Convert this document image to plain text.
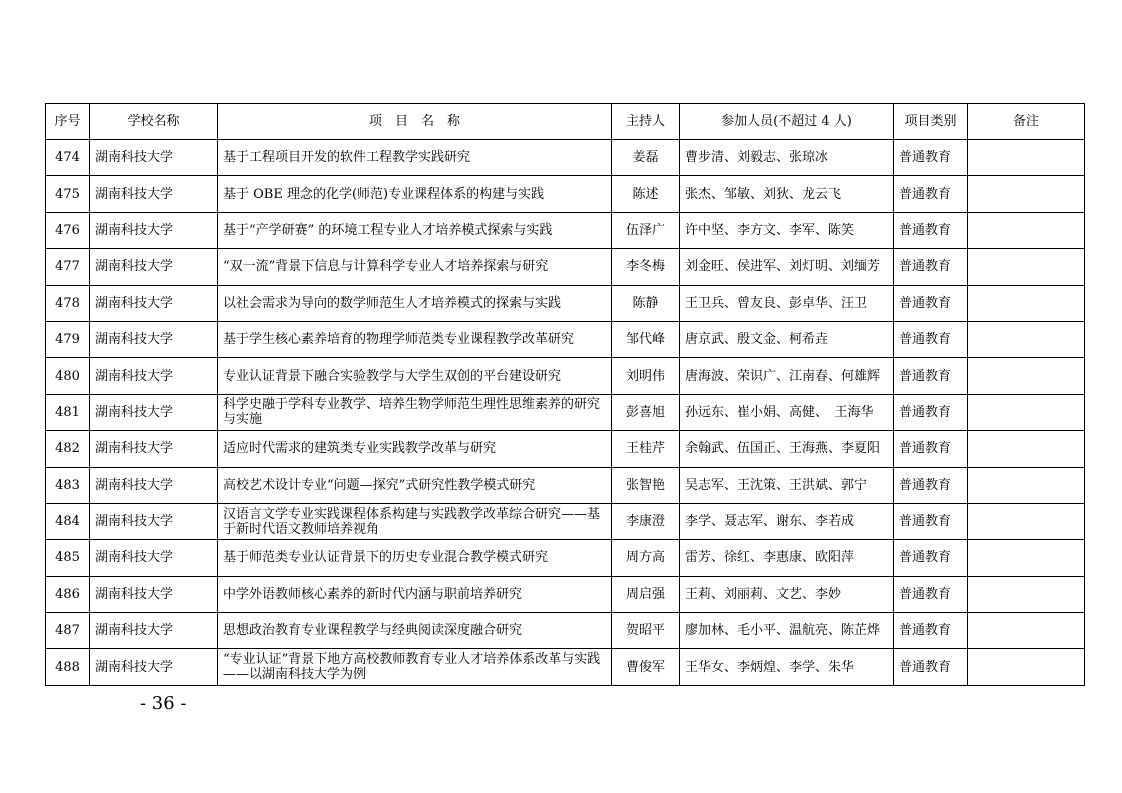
序号	学校名称	项　目　名　称	主持人	参加人员(不超过 4 人)	项目类别	备注
474	湖南科技大学	基于工程项目开发的软件工程教学实践研究	姜磊	曹步清、刘毅志、张琼冰	普通教育	
475	湖南科技大学	基于 OBE 理念的化学(师范)专业课程体系的构建与实践	陈述	张杰、邹敏、刘狄、龙云飞	普通教育	
476	湖南科技大学	基于“产学研赛” 的环境工程专业人才培养模式探索与实践	伍泽广	许中坚、李方文、李军、陈笑	普通教育	
477	湖南科技大学	“双一流”背景下信息与计算科学专业人才培养探索与研究	李冬梅	刘金旺、侯进军、刘灯明、刘缅芳	普通教育	
478	湖南科技大学	以社会需求为导向的数学师范生人才培养模式的探索与实践	陈静	王卫兵、曾友良、彭卓华、汪卫	普通教育	
479	湖南科技大学	基于学生核心素养培育的物理学师范类专业课程教学改革研究	邹代峰	唐京武、殷文金、柯希垚	普通教育	
480	湖南科技大学	专业认证背景下融合实验教学与大学生双创的平台建设研究	刘明伟	唐海波、荣识广、江南春、何雄辉	普通教育	
481	湖南科技大学	科学史融于学科专业教学、培养生物学师范生理性思维素养的研究与实施	彭喜旭	孙远东、崔小娟、高健、　王海华	普通教育	
482	湖南科技大学	适应时代需求的建筑类专业实践教学改革与研究	王桂芹	余翰武、伍国正、王海燕、李夏阳	普通教育	
483	湖南科技大学	高校艺术设计专业“问题—探究”式研究性教学模式研究	张智艳	吴志军、王沈策、王洪斌、郭宁	普通教育	
484	湖南科技大学	汉语言文学专业实践课程体系构建与实践教学改革综合研究——基于新时代语文教师培养视角	李康澄	李学、聂志军、谢东、李若成	普通教育	
485	湖南科技大学	基于师范类专业认证背景下的历史专业混合教学模式研究	周方高	雷芳、徐红、李惠康、欧阳萍	普通教育	
486	湖南科技大学	中学外语教师核心素养的新时代内涵与职前培养研究	周启强	王莉、刘丽莉、文艺、李妙	普通教育	
487	湖南科技大学	思想政治教育专业课程教学与经典阅读深度融合研究	贺昭平	廖加林、毛小平、温航亮、陈芷烨	普通教育	
488	湖南科技大学	“专业认证”背景下地方高校教师教育专业人才培养体系改革与实践——以湖南科技大学为例	曹俊军	王华女、李炳煌、李学、朱华	普通教育	
- 36 -
